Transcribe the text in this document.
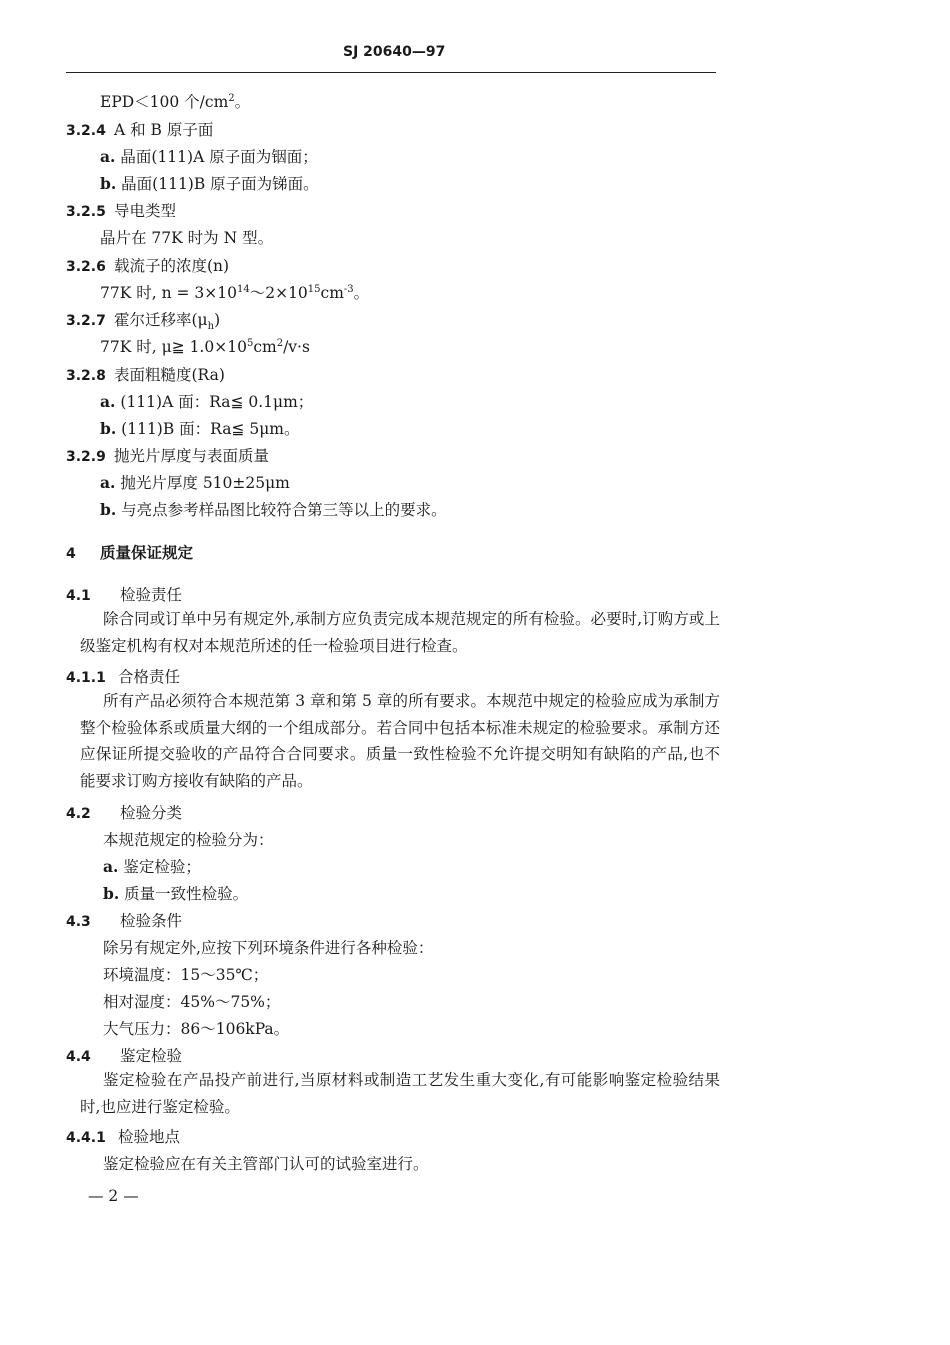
SJ 20640—97
EPD＜100 个$/cm^2$。
3.2.4 A 和 B 原子面
a. 晶面(111)A 原子面为铟面；
b. 晶面(111)B 原子面为锑面。
3.2.5 导电类型
晶片在 77K 时为 N 型。
3.2.6 载流子的浓度(n)
77K 时, $n = 3\times 10^{14}\sim 2\times 10^{15}cm^{-3}$。
3.2.7 霍尔迁移率$(\mu_h)$
77K 时, μ≧ $1.0\times 10^5cm^2/v\cdot s$
3.2.8 表面粗糙度(Ra)
a. (111)A 面：Ra≦ 0.1μm；
b. (111)B 面：Ra≦ 5μm。
3.2.9 抛光片厚度与表面质量
a. 抛光片厚度 510±25μm
b. 与亮点参考样品图比较符合第三等以上的要求。
4 质量保证规定
4.1 检验责任
除合同或订单中另有规定外,承制方应负责完成本规范规定的所有检验。必要时,订购方或上级鉴定机构有权对本规范所述的任一检验项目进行检查。
4.1.1 合格责任
所有产品必须符合本规范第 3 章和第 5 章的所有要求。本规范中规定的检验应成为承制方整个检验体系或质量大纲的一个组成部分。若合同中包括本标准未规定的检验要求。承制方还应保证所提交验收的产品符合合同要求。质量一致性检验不允许提交明知有缺陷的产品,也不能要求订购方接收有缺陷的产品。
4.2 检验分类
本规范规定的检验分为：
a. 鉴定检验；
b. 质量一致性检验。
4.3 检验条件
除另有规定外,应按下列环境条件进行各种检验：
环境温度：15～35℃；
相对湿度：45%～75%；
大气压力：86～106kPa。
4.4 鉴定检验
鉴定检验在产品投产前进行,当原材料或制造工艺发生重大变化,有可能影响鉴定检验结果时,也应进行鉴定检验。
4.4.1 检验地点
鉴定检验应在有关主管部门认可的试验室进行。
— 2 —
